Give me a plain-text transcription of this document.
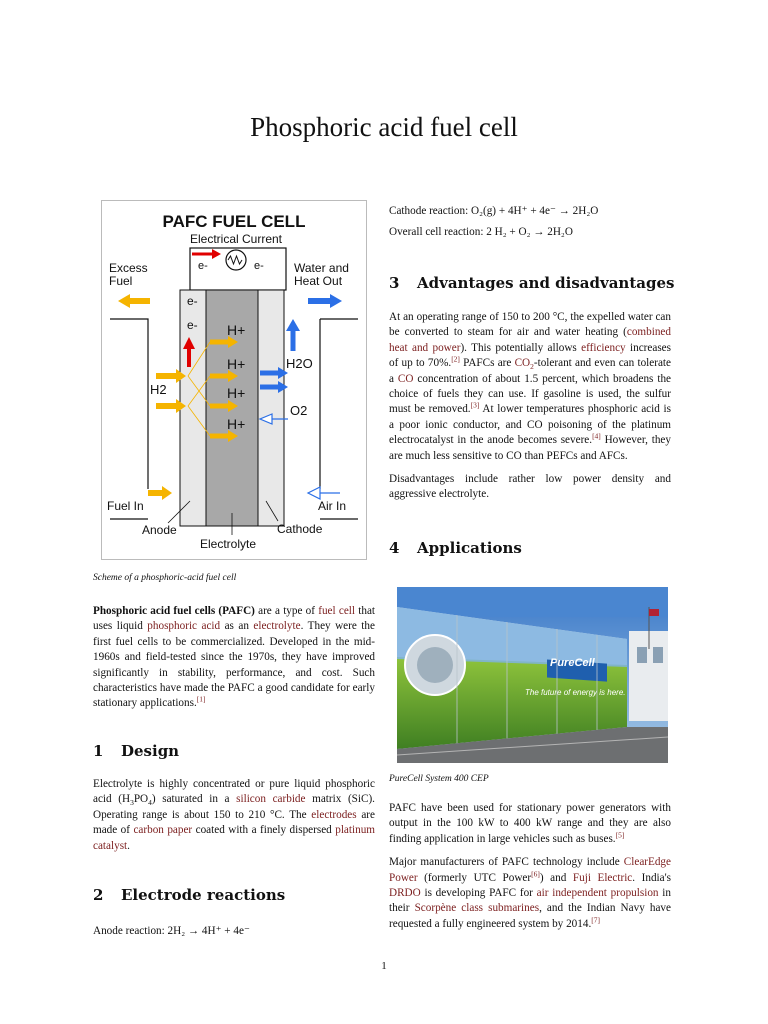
Phosphoric acid fuel cell
PAFC FUEL CELL
Electrical Current
e-	e-
Excess
Fuel
Water and
Heat Out
e-
e- H+
H+
H+
H+
H2
H2O
O2
Fuel In	Air In
Anode	Cathode
Electrolyte
Scheme of a phosphoric-acid fuel cell

Phosphoric acid fuel cells (PAFC) are a type of fuel cell that uses liquid phosphoric acid as an electrolyte. They were the first fuel cells to be commercialized. Developed in the mid-1960s and field-tested since the 1970s, they have improved significantly in stability, performance, and cost. Such characteristics have made the PAFC a good candidate for early stationary applications.[1]

1 Design

Electrolyte is highly concentrated or pure liquid phosphoric acid $(H_3PO_4)$ saturated in a silicon carbide matrix (SiC). Operating range is about 150 to 210 °C. The electrodes are made of carbon paper coated with a finely dispersed platinum catalyst.

2 Electrode reactions
Anode reaction: 2H₂ → 4H⁺ + 4e⁻
Cathode reaction: O₂(g) + 4H⁺ + 4e⁻ → 2H₂O
Overall cell reaction: 2 H₂ + O₂ → 2H₂O
3 Advantages and disadvantages

At an operating range of 150 to 200 °C, the expelled water can be converted to steam for air and water heating (combined heat and power). This potentially allows efficiency increases of up to 70%.[2] PAFCs are $CO_2$-tolerant and even can tolerate a CO concentration of about 1.5 percent, which broadens the choice of fuels they can use. If gasoline is used, the sulfur must be removed.[3] At lower temperatures phosphoric acid is a poor ionic conductor, and CO poisoning of the platinum electrocatalyst in the anode becomes severe.[4] However, they are much less sensitive to CO than PEFCs and AFCs.

Disadvantages include rather low power density and aggressive electrolyte.

4 Applications
PureCell
The future of energy is here.
PureCell System 400 CEP

PAFC have been used for stationary power generators with output in the 100 kW to 400 kW range and they are also finding application in large vehicles such as buses.[5]

Major manufacturers of PAFC technology include ClearEdge Power (formerly UTC Power[6]) and Fuji Electric. India's DRDO is developing PAFC for air independent propulsion in their Scorpène class submarines, and the Indian Navy have requested a fully engineered system by 2014.[7]

1
